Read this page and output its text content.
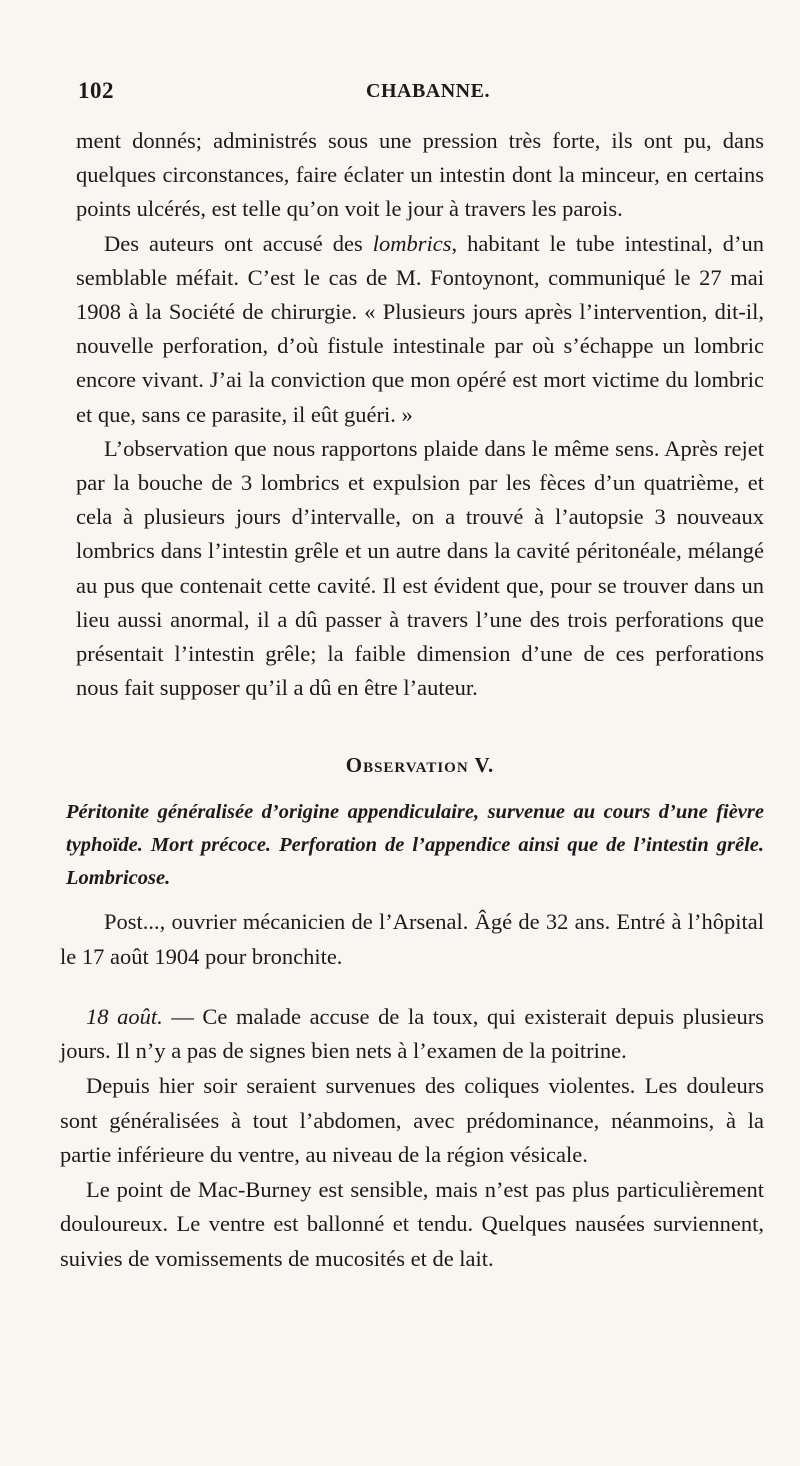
102	CHABANNE.

ment donnés; administrés sous une pression très forte, ils ont pu, dans quelques circonstances, faire éclater un intestin dont la minceur, en certains points ulcérés, est telle qu’on voit le jour à travers les parois.

Des auteurs ont accusé des lombrics, habitant le tube intestinal, d’un semblable méfait. C’est le cas de M. Fontoynont, communiqué le 27 mai 1908 à la Société de chirurgie. « Plusieurs jours après l’intervention, dit-il, nouvelle perforation, d’où fistule intestinale par où s’échappe un lombric encore vivant. J’ai la conviction que mon opéré est mort victime du lombric et que, sans ce parasite, il eût guéri. »

L’observation que nous rapportons plaide dans le même sens. Après rejet par la bouche de 3 lombrics et expulsion par les fèces d’un quatrième, et cela à plusieurs jours d’intervalle, on a trouvé à l’autopsie 3 nouveaux lombrics dans l’intestin grêle et un autre dans la cavité péritonéale, mélangé au pus que contenait cette cavité. Il est évident que, pour se trouver dans un lieu aussi anormal, il a dû passer à travers l’une des trois perforations que présentait l’intestin grêle; la faible dimension d’une de ces perforations nous fait supposer qu’il a dû en être l’auteur.

Observation V.

Péritonite généralisée d’origine appendiculaire, survenue au cours d’une fièvre typhoïde. Mort précoce. Perforation de l’appendice ainsi que de l’intestin grêle. Lombricose.

Post..., ouvrier mécanicien de l’Arsenal. Âgé de 32 ans. Entré à l’hôpital le 17 août 1904 pour bronchite.

18 août. — Ce malade accuse de la toux, qui existerait depuis plusieurs jours. Il n’y a pas de signes bien nets à l’examen de la poitrine.

Depuis hier soir seraient survenues des coliques violentes. Les douleurs sont généralisées à tout l’abdomen, avec prédominance, néanmoins, à la partie inférieure du ventre, au niveau de la région vésicale.

Le point de Mac-Burney est sensible, mais n’est pas plus particulièrement douloureux. Le ventre est ballonné et tendu. Quelques nausées surviennent, suivies de vomissements de mucosités et de lait.
